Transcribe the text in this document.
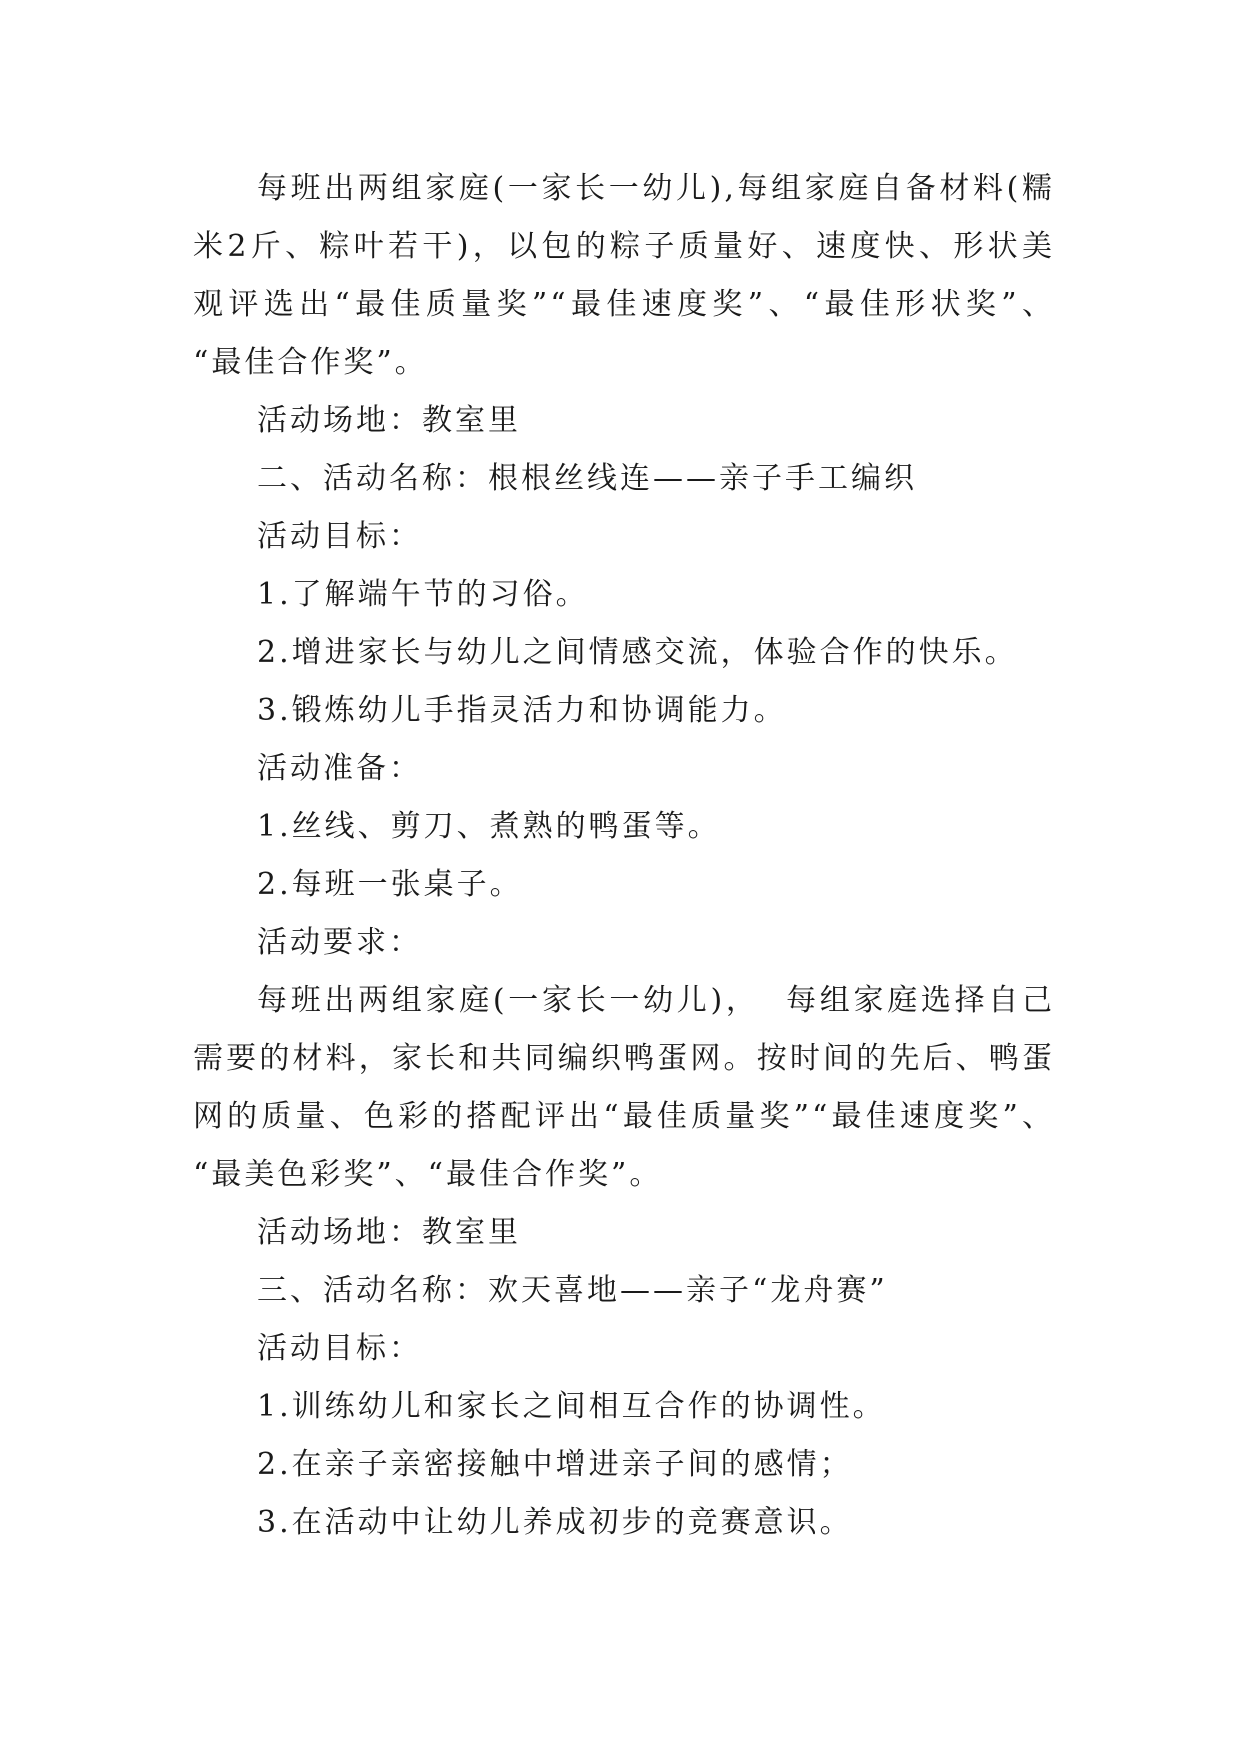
每班出两组家庭(一家长一幼儿),每组家庭自备材料(糯
米2斤、粽叶若干)，以包的粽子质量好、速度快、形状美
观评选出“最佳质量奖”“最佳速度奖”、“最佳形状奖”、
“最佳合作奖”。
活动场地：教室里
二、活动名称：根根丝线连——亲子手工编织
活动目标：
1.了解端午节的习俗。
2.增进家长与幼儿之间情感交流，体验合作的快乐。
3.锻炼幼儿手指灵活力和协调能力。
活动准备：
1.丝线、剪刀、煮熟的鸭蛋等。
2.每班一张桌子。
活动要求：
每班出两组家庭(一家长一幼儿)，  每组家庭选择自己
需要的材料，家长和共同编织鸭蛋网。按时间的先后、鸭蛋
网的质量、色彩的搭配评出“最佳质量奖”“最佳速度奖”、
“最美色彩奖”、“最佳合作奖”。
活动场地：教室里
三、活动名称：欢天喜地——亲子“龙舟赛”
活动目标：
1.训练幼儿和家长之间相互合作的协调性。
2.在亲子亲密接触中增进亲子间的感情；
3.在活动中让幼儿养成初步的竞赛意识。
